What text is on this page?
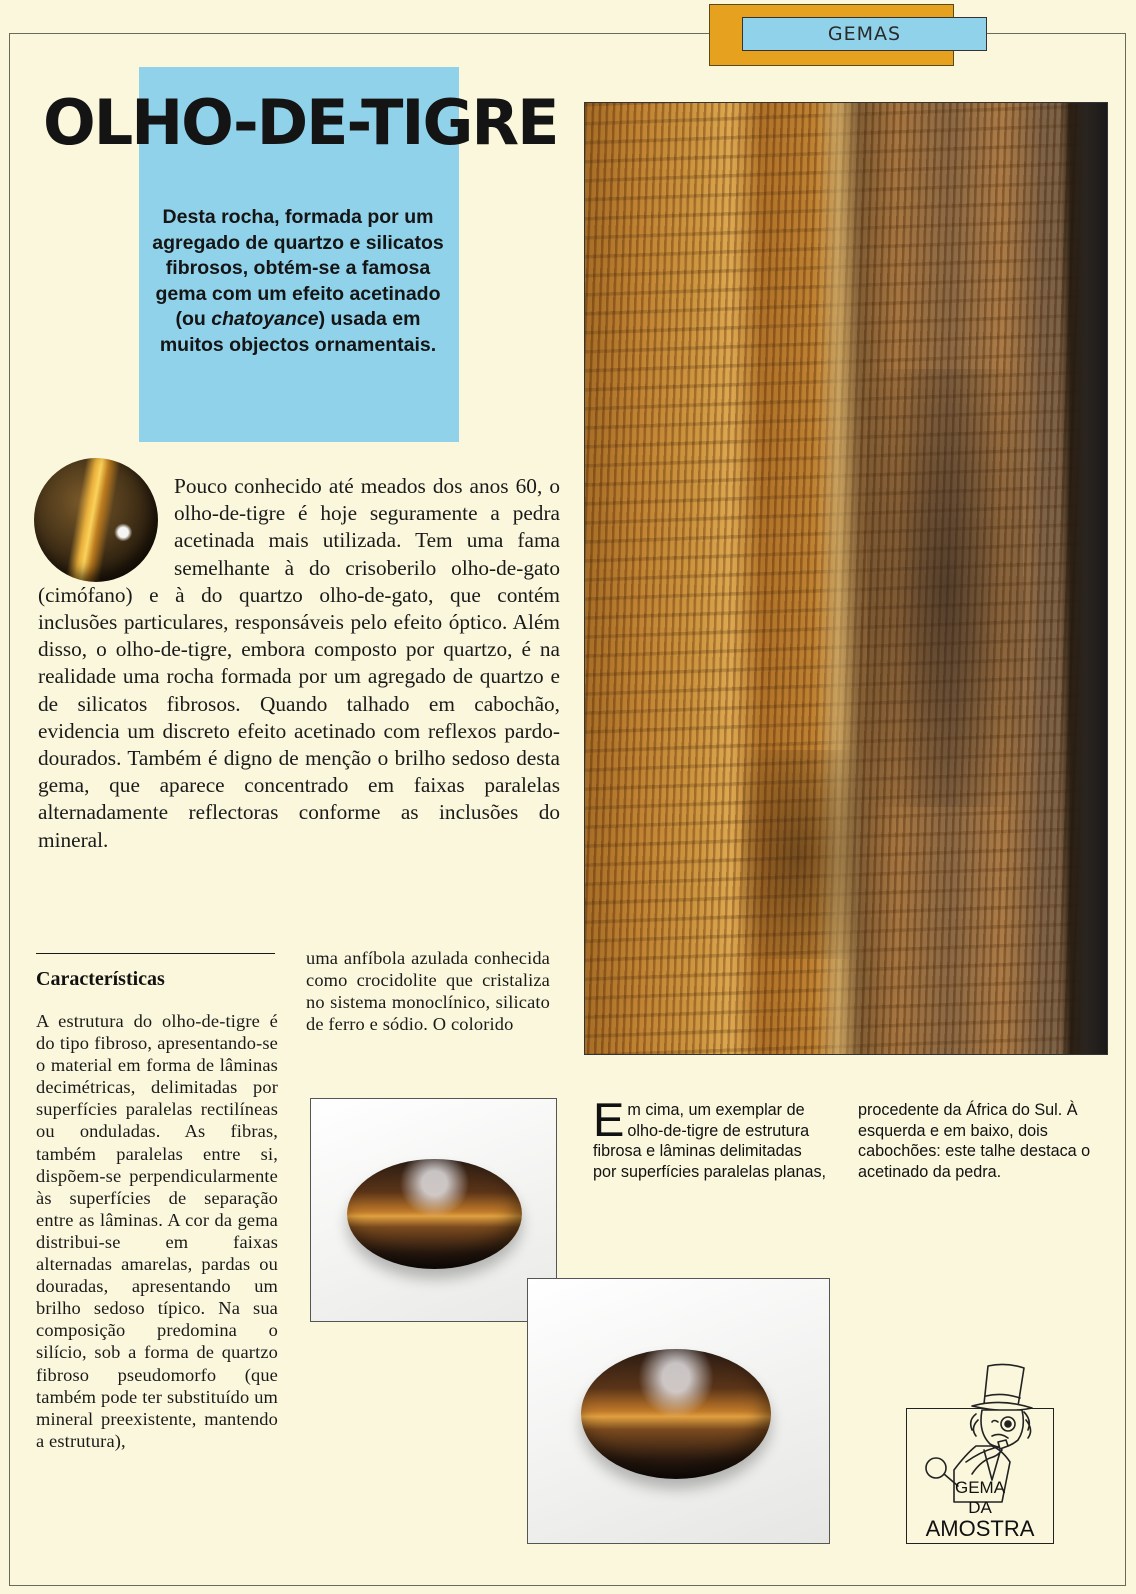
GEMAS
OLHO-DE-TIGRE
Desta rocha, formada por um agregado de quartzo e silicatos fibrosos, obtém-se a famosa gema com um efeito acetinado (ou chatoyance) usada em muitos objectos ornamentais.
Pouco conhecido até meados dos anos 60, o olho-de-tigre é hoje seguramente a pedra acetinada mais utilizada. Tem uma fama semelhante à do crisoberilo olho-de-gato (cimófano) e à do quartzo olho-de-gato, que contém inclusões particulares, responsáveis pelo efeito óptico. Além disso, o olho-de-tigre, embora composto por quartzo, é na realidade uma rocha formada por um agregado de quartzo e de silicatos fibrosos. Quando talhado em cabochão, evidencia um discreto efeito acetinado com reflexos pardo-dourados. Também é digno de menção o brilho sedoso desta gema, que aparece concentrado em faixas paralelas alternadamente reflectoras conforme as inclusões do mineral.
Características
A estrutura do olho-de-tigre é do tipo fibroso, apresentando-se o material em forma de lâminas decimétricas, delimitadas por superfícies paralelas rectilíneas ou onduladas. As fibras, também paralelas entre si, dispõem-se perpendicularmente às superfícies de separação entre as lâminas. A cor da gema distribui-se em faixas alternadas amarelas, pardas ou douradas, apresentando um brilho sedoso típico. Na sua composição predomina o silício, sob a forma de quartzo fibroso pseudomorfo (que também pode ter substituído um mineral preexistente, mantendo a estrutura),
uma anfíbola azulada conhecida como crocidolite que cristaliza no sistema monoclínico, silicato de ferro e sódio. O colorido
Em cima, um exemplar de olho-de-tigre de estrutura fibrosa e lâminas delimitadas por superfícies paralelas planas,
procedente da África do Sul. À esquerda e em baixo, dois cabochões: este talhe destaca o acetinado da pedra.
GEMA
DA
AMOSTRA
